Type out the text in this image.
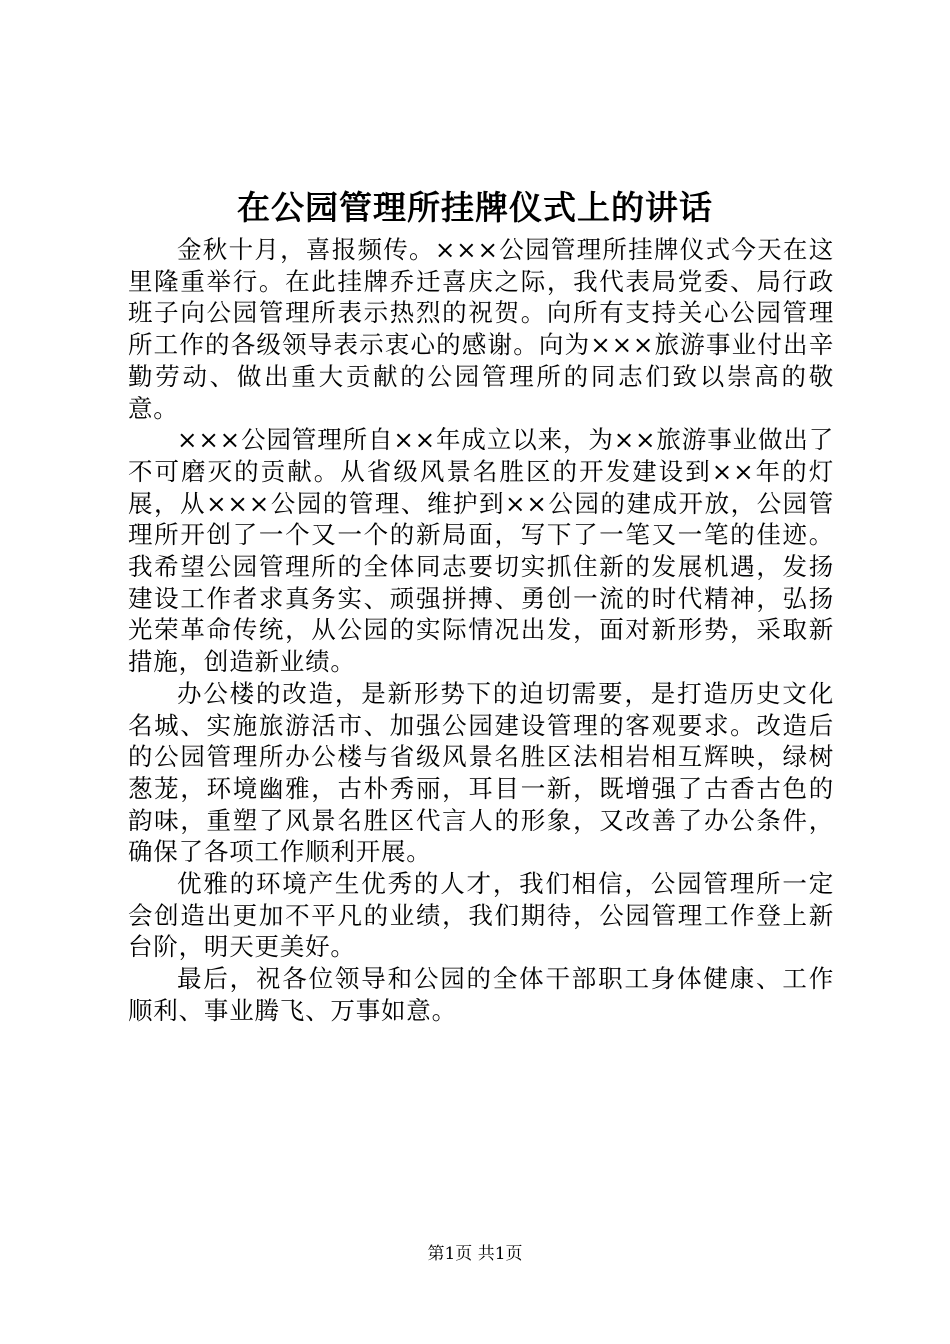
在公园管理所挂牌仪式上的讲话

金秋十月，喜报频传。×××公园管理所挂牌仪式今天在这里隆重举行。在此挂牌乔迁喜庆之际，我代表局党委、局行政班子向公园管理所表示热烈的祝贺。向所有支持关心公园管理所工作的各级领导表示衷心的感谢。向为×××旅游事业付出辛勤劳动、做出重大贡献的公园管理所的同志们致以崇高的敬意。

×××公园管理所自××年成立以来，为××旅游事业做出了不可磨灭的贡献。从省级风景名胜区的开发建设到××年的灯展，从×××公园的管理、维护到××公园的建成开放，公园管理所开创了一个又一个的新局面，写下了一笔又一笔的佳迹。我希望公园管理所的全体同志要切实抓住新的发展机遇，发扬建设工作者求真务实、顽强拼搏、勇创一流的时代精神，弘扬光荣革命传统，从公园的实际情况出发，面对新形势，采取新措施，创造新业绩。

办公楼的改造，是新形势下的迫切需要，是打造历史文化名城、实施旅游活市、加强公园建设管理的客观要求。改造后的公园管理所办公楼与省级风景名胜区法相岩相互辉映，绿树葱茏，环境幽雅，古朴秀丽，耳目一新，既增强了古香古色的韵味，重塑了风景名胜区代言人的形象，又改善了办公条件，确保了各项工作顺利开展。

优雅的环境产生优秀的人才，我们相信，公园管理所一定会创造出更加不平凡的业绩，我们期待，公园管理工作登上新台阶，明天更美好。

最后，祝各位领导和公园的全体干部职工身体健康、工作顺利、事业腾飞、万事如意。

第1页 共1页
